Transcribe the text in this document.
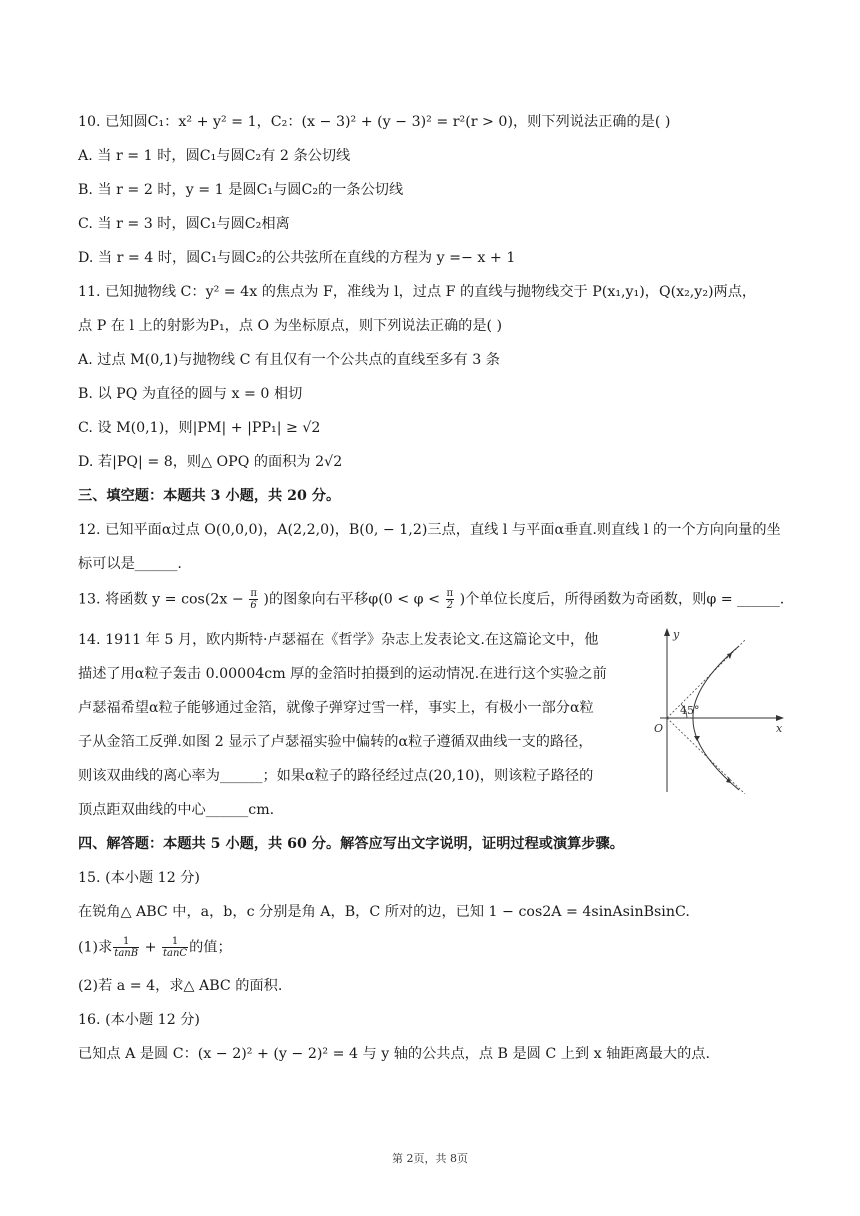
10. 已知圆C₁：x² + y² = 1，C₂：(x − 3)² + (y − 3)² = r²(r > 0)，则下列说法正确的是( )
A. 当 r = 1 时，圆C₁与圆C₂有 2 条公切线
B. 当 r = 2 时，y = 1 是圆C₁与圆C₂的一条公切线
C. 当 r = 3 时，圆C₁与圆C₂相离
D. 当 r = 4 时，圆C₁与圆C₂的公共弦所在直线的方程为 y =− x + 1
11. 已知抛物线 C：y² = 4x 的焦点为 F，准线为 l，过点 F 的直线与抛物线交于 P(x₁,y₁)，Q(x₂,y₂)两点，
点 P 在 l 上的射影为P₁，点 O 为坐标原点，则下列说法正确的是( )
A. 过点 M(0,1)与抛物线 C 有且仅有一个公共点的直线至多有 3 条
B. 以 PQ 为直径的圆与 x = 0 相切
C. 设 M(0,1)，则|PM| + |PP₁| ≥ √2
D. 若|PQ| = 8，则△ OPQ 的面积为 2√2
三、填空题：本题共 3 小题，共 20 分。
12. 已知平面α过点 O(0,0,0)，A(2,2,0)，B(0, − 1,2)三点，直线 l 与平面α垂直.则直线 l 的一个方向向量的坐
标可以是______.
13. 将函数 $y = \cos(2x - \frac{\pi}{6}$ )的图象向右平移$\varphi(0 < \varphi < \frac{\pi}{2}$ )个单位长度后，所得函数为奇函数，则φ = ______.
14. 1911 年 5 月，欧内斯特·卢瑟福在《哲学》杂志上发表论文.在这篇论文中，他
描述了用α粒子轰击 0.00004cm 厚的金箔时拍摄到的运动情况.在进行这个实验之前
卢瑟福希望α粒子能够通过金箔，就像子弹穿过雪一样，事实上，有极小一部分α粒
子从金箔工反弹.如图 2 显示了卢瑟福实验中偏转的α粒子遵循双曲线一支的路径，
则该双曲线的离心率为______；如果α粒子的路径经过点(20,10)，则该粒子路径的
顶点距双曲线的中心______cm.
y
x
O
45°
四、解答题：本题共 5 小题，共 60 分。解答应写出文字说明，证明过程或演算步骤。
15. (本小题 12 分)
在锐角△ ABC 中，a，b，c 分别是角 A，B，C 所对的边，已知 1 − cos2A = 4sinAsinBsinC.
(1)求 $\frac{1}{\tan B} + \frac{1}{\tan C}$ 的值；
(2)若 a = 4，求△ ABC 的面积.
16. (本小题 12 分)
已知点 A 是圆 C：(x − 2)² + (y − 2)² = 4 与 y 轴的公共点，点 B 是圆 C 上到 x 轴距离最大的点.
第 2页，共 8页
